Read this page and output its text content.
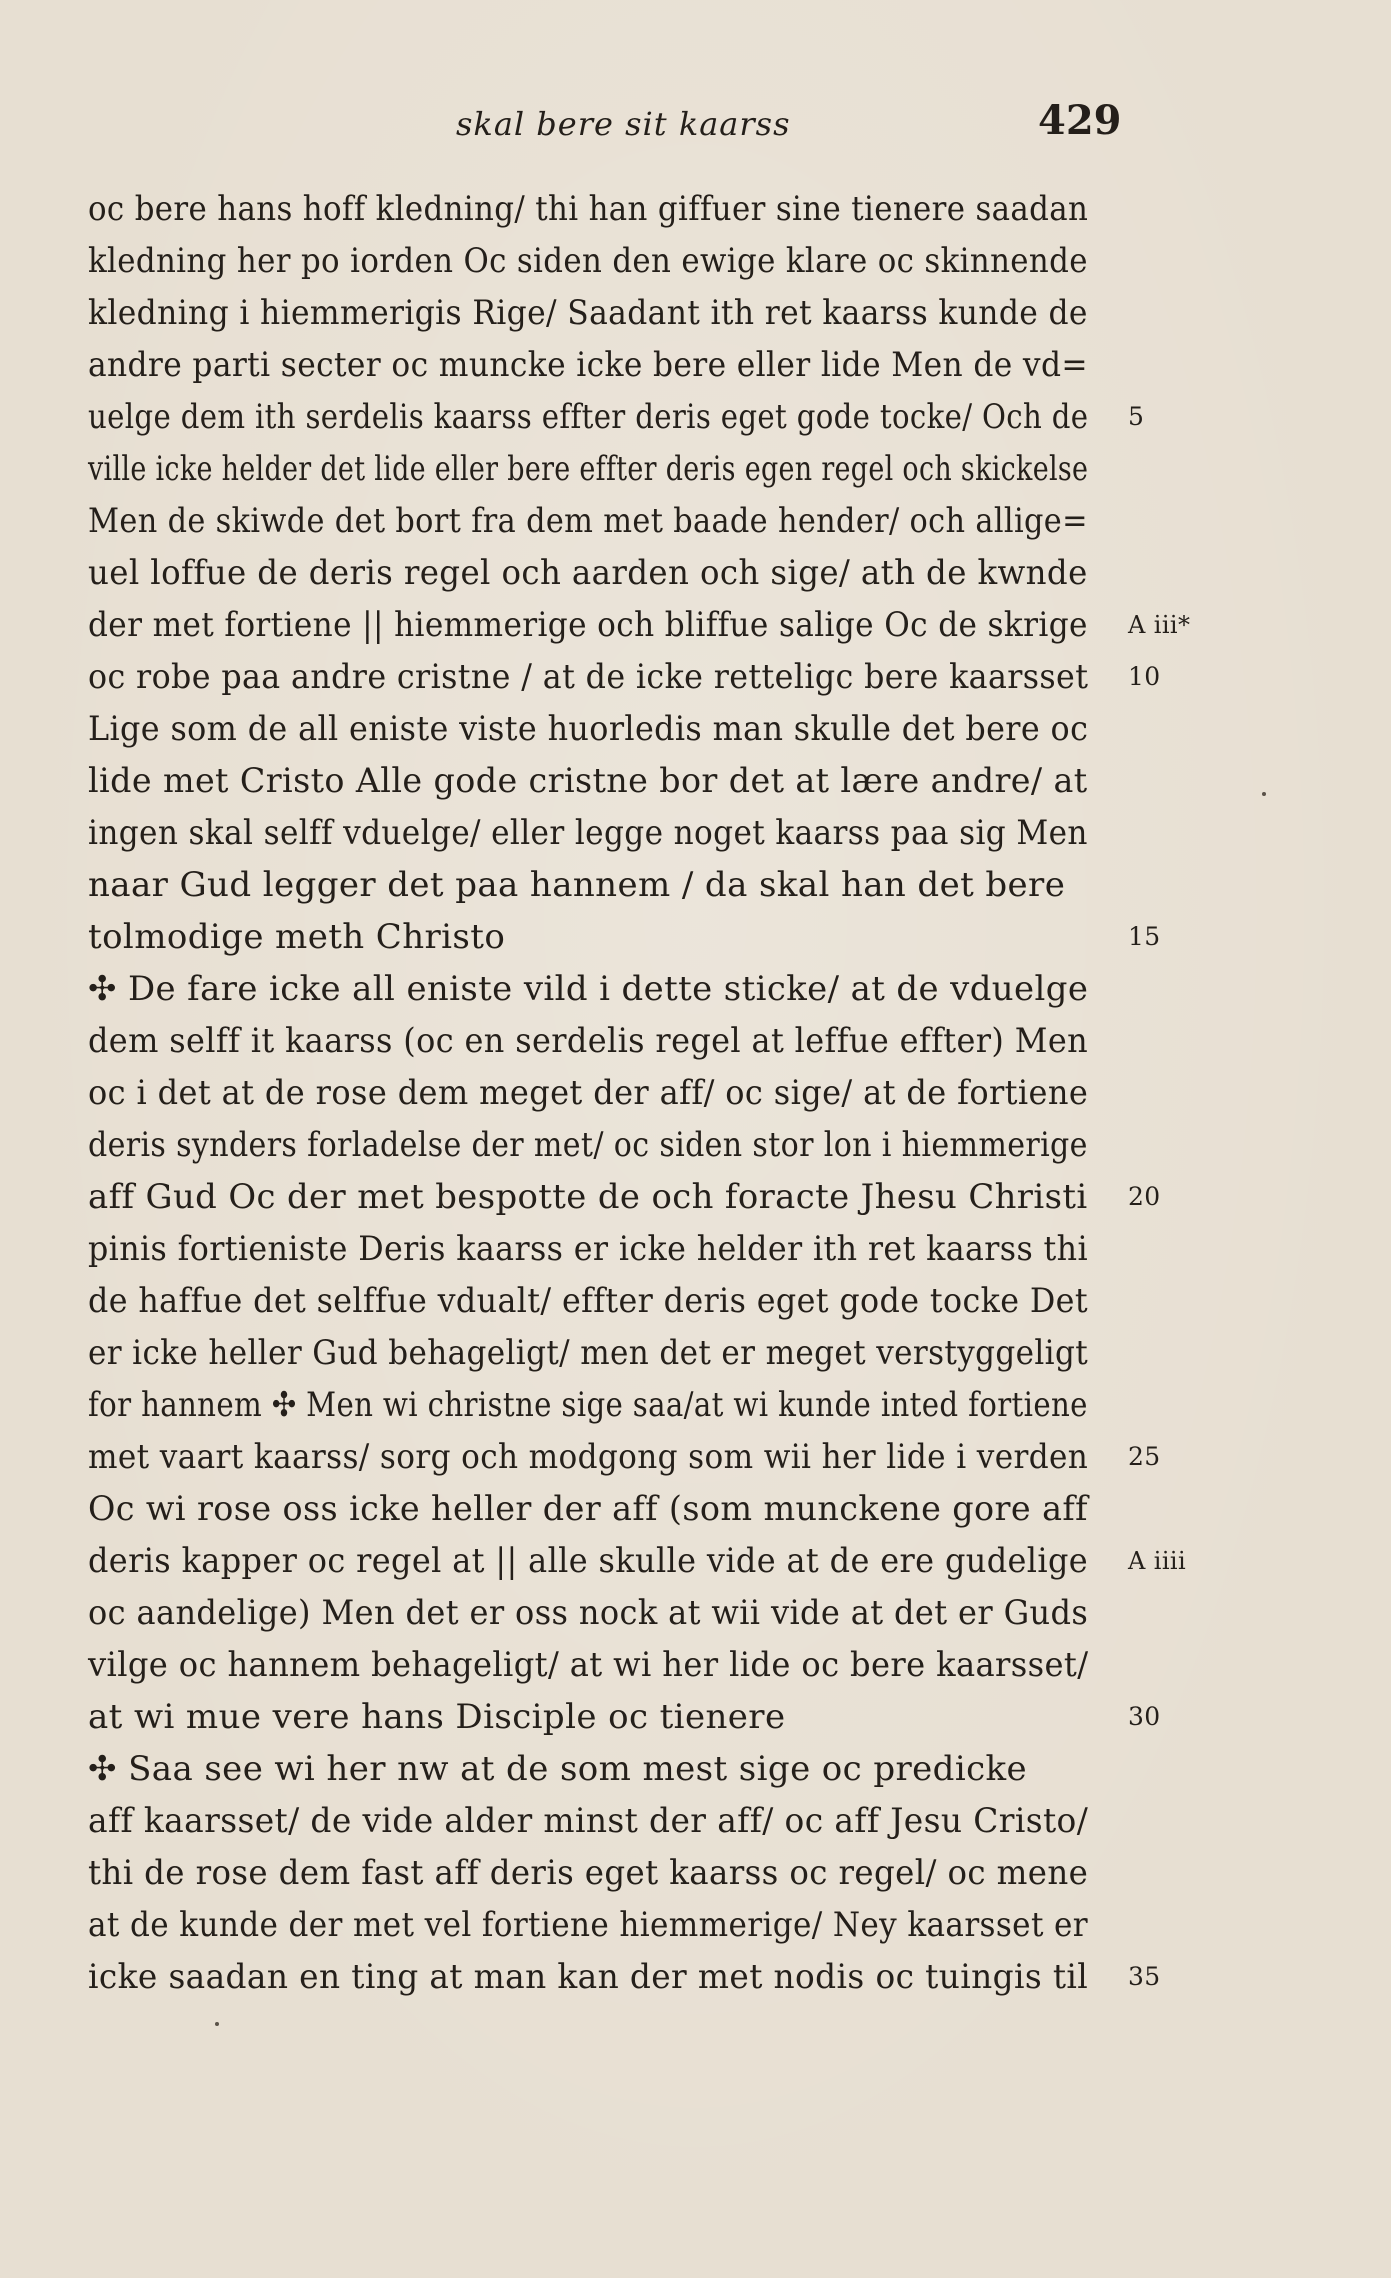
skal bere sit kaarss	429
oc bere hans hoff kledning/ thi han giffuer sine tienere saadan
kledning her po iorden Oc siden den ewige klare oc skinnende
kledning i hiemmerigis Rige/ Saadant ith ret kaarss kunde de
andre parti secter oc muncke icke bere eller lide Men de vd=
uelge dem ith serdelis kaarss effter deris eget gode tocke/ Och de 5
ville icke helder det lide eller bere effter deris egen regel och skickelse
Men de skiwde det bort fra dem met baade hender/ och allige=
uel loffue de deris regel och aarden och sige/ ath de kwnde
der met fortiene || hiemmerige och bliffue salige Oc de skrige A iii*
oc robe paa andre cristne / at de icke retteligc bere kaarsset 10
Lige som de all eniste viste huorledis man skulle det bere oc
lide met Cristo Alle gode cristne bor det at lære andre/ at
ingen skal selff vduelge/ eller legge noget kaarss paa sig Men
naar Gud legger det paa hannem / da skal han det bere
tolmodige meth Christo	15
✣ De fare icke all eniste vild i dette sticke/ at de vduelge
dem selff it kaarss (oc en serdelis regel at leffue effter) Men
oc i det at de rose dem meget der aff/ oc sige/ at de fortiene
deris synders forladelse der met/ oc siden stor lon i hiemmerige
aff Gud Oc der met bespotte de och foracte Jhesu Christi 20
pinis fortieniste Deris kaarss er icke helder ith ret kaarss thi
de haffue det selffue vdualt/ effter deris eget gode tocke Det
er icke heller Gud behageligt/ men det er meget verstyggeligt
for hannem ✣ Men wi christne sige saa/at wi kunde inted fortiene
met vaart kaarss/ sorg och modgong som wii her lide i verden 25
Oc wi rose oss icke heller der aff (som munckene gore aff
deris kapper oc regel at || alle skulle vide at de ere gudelige A iiii
oc aandelige) Men det er oss nock at wii vide at det er Guds
vilge oc hannem behageligt/ at wi her lide oc bere kaarsset/
at wi mue vere hans Disciple oc tienere	30
✣ Saa see wi her nw at de som mest sige oc predicke
aff kaarsset/ de vide alder minst der aff/ oc aff Jesu Cristo/
thi de rose dem fast aff deris eget kaarss oc regel/ oc mene
at de kunde der met vel fortiene hiemmerige/ Ney kaarsset er
icke saadan en ting at man kan der met nodis oc tuingis til 35
